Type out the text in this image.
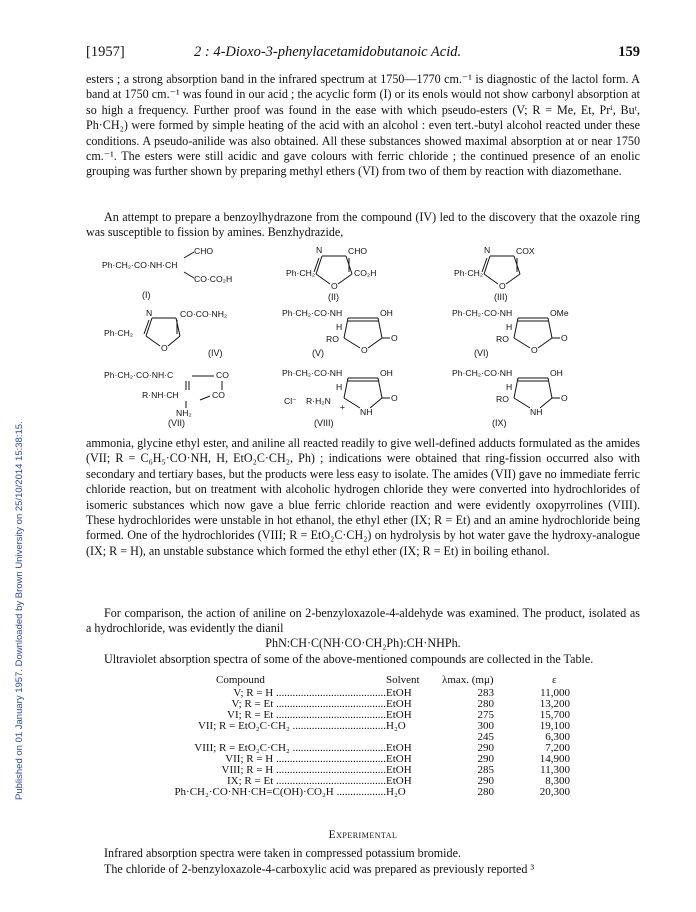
Published on 01 January 1957. Downloaded by Brown University on 25/10/2014 15:38:15.
[1957]	2 : 4-Dioxo-3-phenylacetamidobutanoic Acid.	159

esters ; a strong absorption band in the infrared spectrum at 1750—1770 cm.⁻¹ is diagnostic of the lactol form. A band at 1750 cm.⁻¹ was found in our acid ; the acyclic form (I) or its enols would not show carbonyl absorption at so high a frequency. Further proof was found in the ease with which pseudo-esters (V; R = Me, Et, Prⁱ, Buᵗ, Ph·CH₂) were formed by simple heating of the acid with an alcohol : even tert.-butyl alcohol reacted under these conditions. A pseudo-anilide was also obtained. All these substances showed maximal absorption at or near 1750 cm.⁻¹. The esters were still acidic and gave colours with ferric chloride ; the continued presence of an enolic grouping was further shown by preparing methyl ethers (VI) from two of them by reaction with diazomethane.

An attempt to prepare a benzoylhydrazone from the compound (IV) led to the discovery that the oxazole ring was susceptible to fission by amines. Benzhydrazide,

CHO
Ph·CH₂·CO·NH·CH
CO·CO₂H
(I)
N	CHO
Ph·CH₂	CO₂H
O
(II)
N	COX
Ph·CH₂
O
(III)
N	CO·CO·NH₂
Ph·CH₂
O	(IV)
Ph·CH₂·CO·NH	OH
H
RO	O
O
(V)
Ph·CH₂·CO·NH	OMe
H
RO	O
O
(VI)
Ph·CH₂·CO·NH·C	CO
R·NH·CH	CO
NH₂
(VII)
Ph·CH₂·CO·NH	OH
H
Cl⁻ R·H₂N
+
O
NH
(VIII)
Ph·CH₂·CO·NH	OH
H
RO	O
NH
(IX)

ammonia, glycine ethyl ester, and aniline all reacted readily to give well-defined adducts formulated as the amides (VII; R = C₆H₅·CO·NH, H, EtO₂C·CH₂, Ph) ; indications were obtained that ring-fission occurred also with secondary and tertiary bases, but the products were less easy to isolate. The amides (VII) gave no immediate ferric chloride reaction, but on treatment with alcoholic hydrogen chloride they were converted into hydrochlorides of isomeric substances which now gave a blue ferric chloride reaction and were evidently oxopyrrolines (VIII). These hydrochlorides were unstable in hot ethanol, the ethyl ether (IX; R = Et) and an amine hydrochloride being formed. One of the hydrochlorides (VIII; R = EtO₂C·CH₂) on hydrolysis by hot water gave the hydroxy-analogue (IX; R = H), an unstable substance which formed the ethyl ether (IX; R = Et) in boiling ethanol.

For comparison, the action of aniline on 2-benzyloxazole-4-aldehyde was examined. The product, isolated as a hydrochloride, was evidently the dianil

PhN:CH·C(NH·CO·CH₂Ph):CH·NHPh.

Ultraviolet absorption spectra of some of the above-mentioned compounds are collected in the Table.

Compound	Solvent λmax. (mμ)	ε
V; R = H ........................................ EtOH	283	11,000
V; R = Et ........................................ EtOH	280	13,200
VI; R = Et ........................................ EtOH	275	15,700
VII; R = EtO₂C·CH₂ .................................. H₂O	300	19,100
245	6,300
VIII; R = EtO₂C·CH₂ .................................. EtOH	290	7,200
VII; R = H ........................................ EtOH	290	14,900
VIII; R = H ........................................ EtOH	285	11,300
IX; R = Et ........................................ EtOH	290	8,300
Ph·CH₂·CO·NH·CH=C(OH)·CO₂H .................. H₂O	280	20,300
Experimental

Infrared absorption spectra were taken in compressed potassium bromide.

The chloride of 2-benzyloxazole-4-carboxylic acid was prepared as previously reported ³
